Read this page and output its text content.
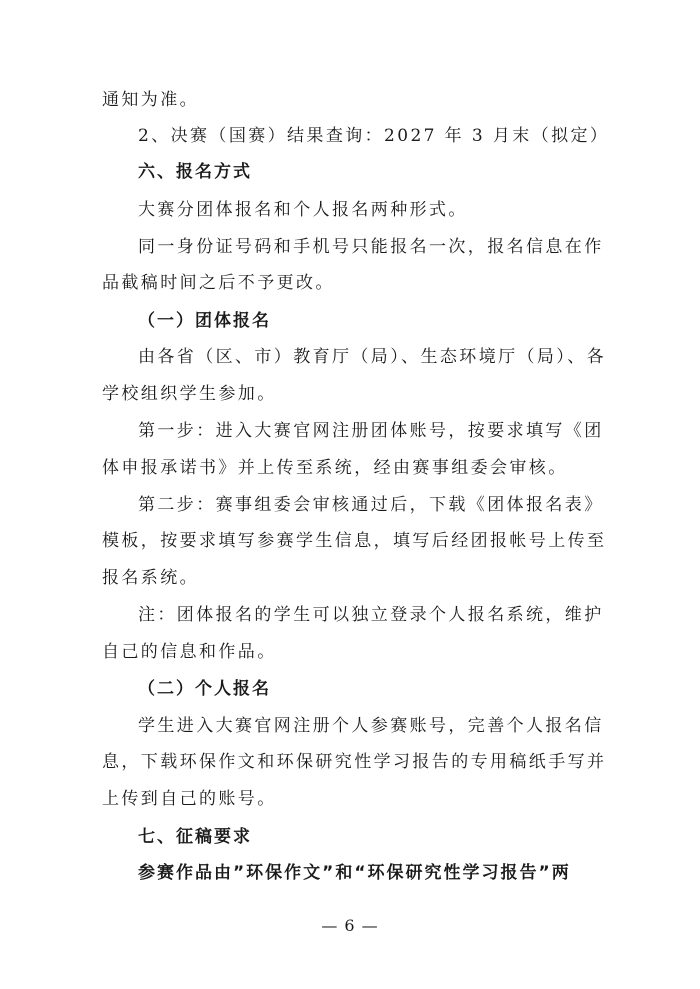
通知为准。
2、决赛（国赛）结果查询：2027 年 3 月末（拟定）
六、报名方式
大赛分团体报名和个人报名两种形式。
同一身份证号码和手机号只能报名一次，报名信息在作
品截稿时间之后不予更改。
（一）团体报名
由各省（区、市）教育厅（局）、生态环境厅（局）、各
学校组织学生参加。
第一步：进入大赛官网注册团体账号，按要求填写《团
体申报承诺书》并上传至系统，经由赛事组委会审核。
第二步：赛事组委会审核通过后，下载《团体报名表》
模板，按要求填写参赛学生信息，填写后经团报帐号上传至
报名系统。
注：团体报名的学生可以独立登录个人报名系统，维护
自己的信息和作品。
（二）个人报名
学生进入大赛官网注册个人参赛账号，完善个人报名信
息，下载环保作文和环保研究性学习报告的专用稿纸手写并
上传到自己的账号。
七、征稿要求
参赛作品由”环保作文”和“环保研究性学习报告”两
— 6 —
